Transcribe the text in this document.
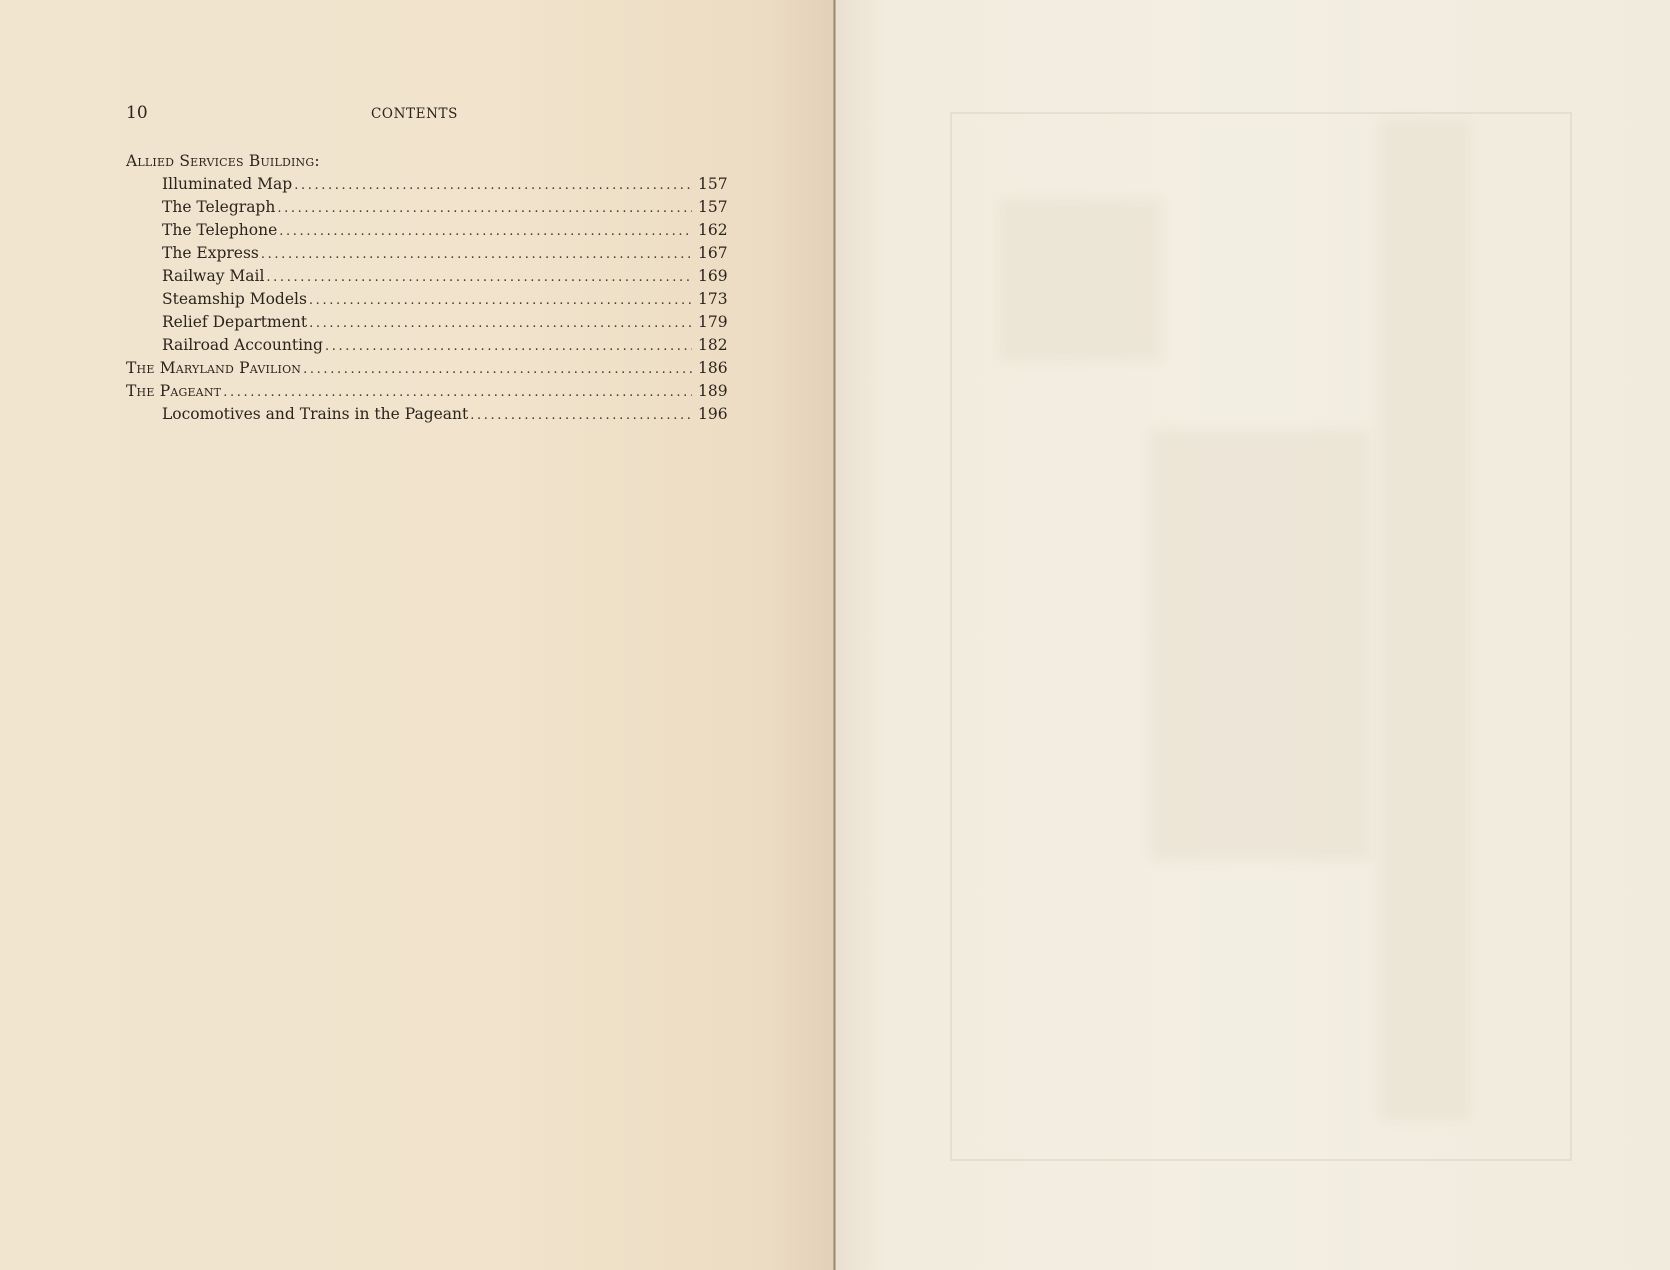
10	CONTENTS
Allied Services Building:
Illuminated Map . . .	157
The Telegraph . . .	157
The Telephone . . .	162
The Express . . .	167
Railway Mail . . .	169
Steamship Models . . .	173
Relief Department . . .	179
Railroad Accounting . . .	182
The Maryland Pavilion . . .	186
The Pageant . . .	189
Locomotives and Trains in the Pageant . . .	196
